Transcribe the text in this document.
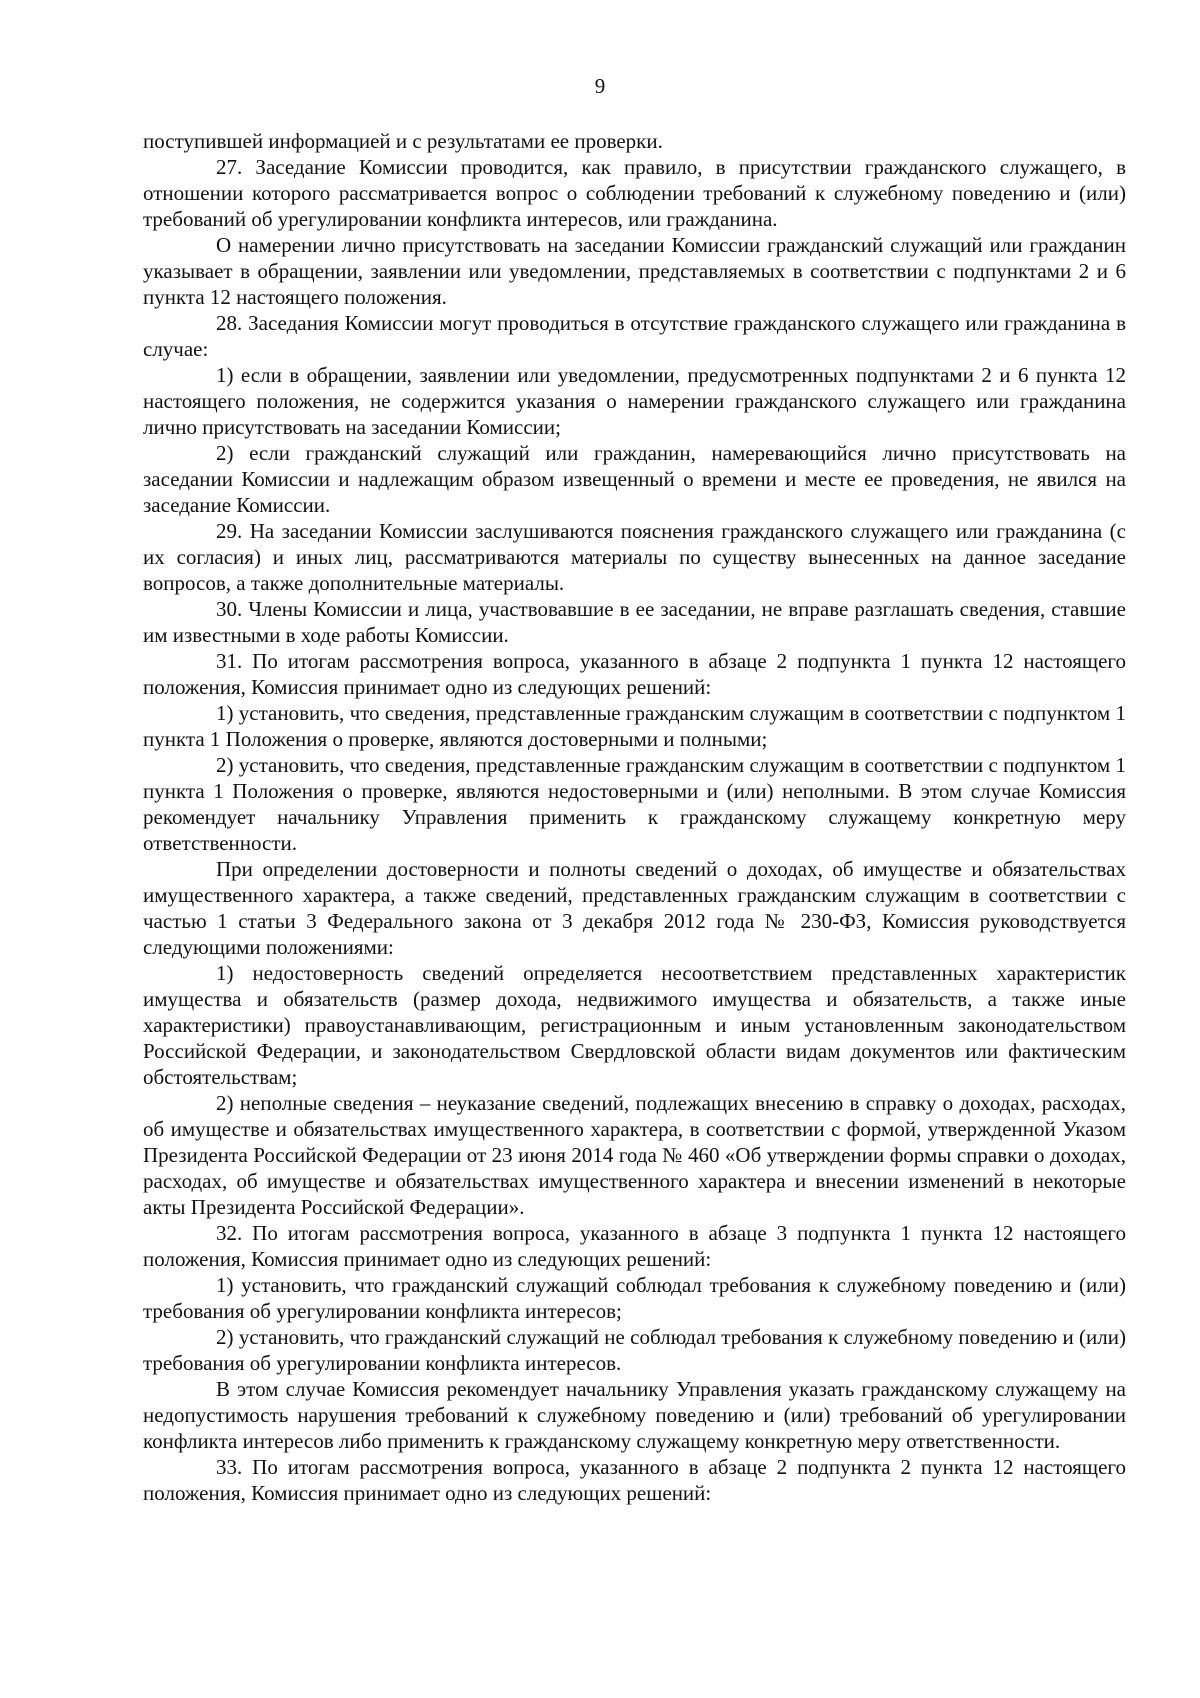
9

поступившей информацией и с результатами ее проверки.

27. Заседание Комиссии проводится, как правило, в присутствии гражданского служащего, в отношении которого рассматривается вопрос о соблюдении требований к служебному поведению и (или) требований об урегулировании конфликта интересов, или гражданина.

О намерении лично присутствовать на заседании Комиссии гражданский служащий или гражданин указывает в обращении, заявлении или уведомлении, представляемых в соответствии с подпунктами 2 и 6 пункта 12 настоящего положения.

28. Заседания Комиссии могут проводиться в отсутствие гражданского служащего или гражданина в случае:

1) если в обращении, заявлении или уведомлении, предусмотренных подпунктами 2 и 6 пункта 12 настоящего положения, не содержится указания о намерении гражданского служащего или гражданина лично присутствовать на заседании Комиссии;

2) если гражданский служащий или гражданин, намеревающийся лично присутствовать на заседании Комиссии и надлежащим образом извещенный о времени и месте ее проведения, не явился на заседание Комиссии.

29. На заседании Комиссии заслушиваются пояснения гражданского служащего или гражданина (с их согласия) и иных лиц, рассматриваются материалы по существу вынесенных на данное заседание вопросов, а также дополнительные материалы.

30. Члены Комиссии и лица, участвовавшие в ее заседании, не вправе разглашать сведения, ставшие им известными в ходе работы Комиссии.

31. По итогам рассмотрения вопроса, указанного в абзаце 2 подпункта 1 пункта 12 настоящего положения, Комиссия принимает одно из следующих решений:

1) установить, что сведения, представленные гражданским служащим в соответствии с подпунктом 1 пункта 1 Положения о проверке, являются достоверными и полными;

2) установить, что сведения, представленные гражданским служащим в соответствии с подпунктом 1 пункта 1 Положения о проверке, являются недостоверными и (или) неполными. В этом случае Комиссия рекомендует начальнику Управления применить к гражданскому служащему конкретную меру ответственности.

При определении достоверности и полноты сведений о доходах, об имуществе и обязательствах имущественного характера, а также сведений, представленных гражданским служащим в соответствии с частью 1 статьи 3 Федерального закона от 3 декабря 2012 года № 230-ФЗ, Комиссия руководствуется следующими положениями:

1) недостоверность сведений определяется несоответствием представленных характеристик имущества и обязательств (размер дохода, недвижимого имущества и обязательств, а также иные характеристики) правоустанавливающим, регистрационным и иным установленным законодательством Российской Федерации, и законодательством Свердловской области видам документов или фактическим обстоятельствам;

2) неполные сведения – неуказание сведений, подлежащих внесению в справку о доходах, расходах, об имуществе и обязательствах имущественного характера, в соответствии с формой, утвержденной Указом Президента Российской Федерации от 23 июня 2014 года № 460 «Об утверждении формы справки о доходах, расходах, об имуществе и обязательствах имущественного характера и внесении изменений в некоторые акты Президента Российской Федерации».

32. По итогам рассмотрения вопроса, указанного в абзаце 3 подпункта 1 пункта 12 настоящего положения, Комиссия принимает одно из следующих решений:

1) установить, что гражданский служащий соблюдал требования к служебному поведению и (или) требования об урегулировании конфликта интересов;

2) установить, что гражданский служащий не соблюдал требования к служебному поведению и (или) требования об урегулировании конфликта интересов.

В этом случае Комиссия рекомендует начальнику Управления указать гражданскому служащему на недопустимость нарушения требований к служебному поведению и (или) требований об урегулировании конфликта интересов либо применить к гражданскому служащему конкретную меру ответственности.

33. По итогам рассмотрения вопроса, указанного в абзаце 2 подпункта 2 пункта 12 настоящего положения, Комиссия принимает одно из следующих решений:
